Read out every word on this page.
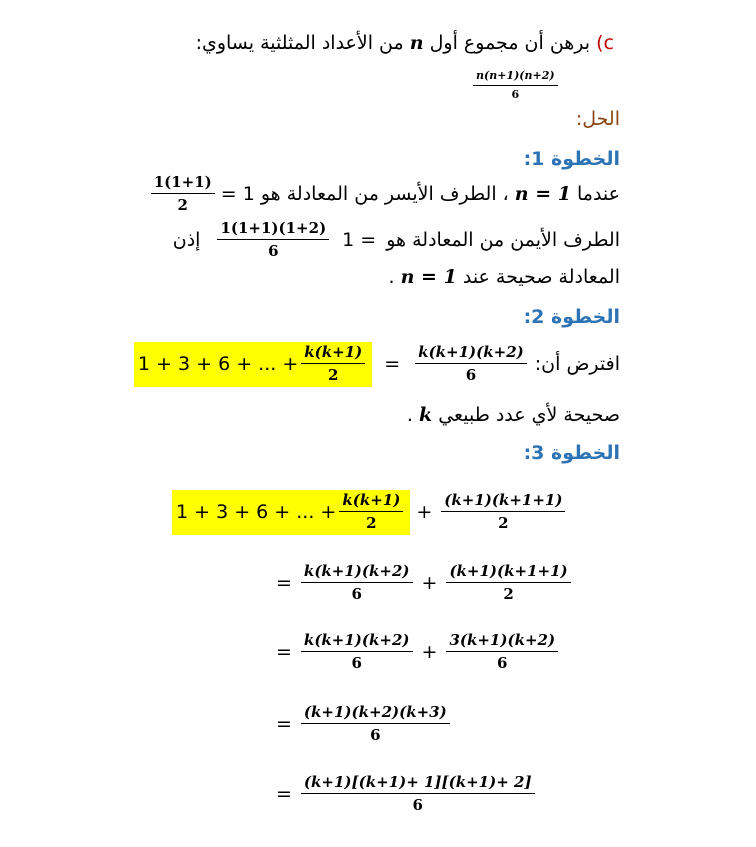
c) برهن أن مجموع أول n من الأعداد المثلثية يساوي:
$\frac{n(n+1)(n+2)}{6}$
الحل:
الخطوة 1:
عندما
n = 1
، الطرف الأيسر من المعادلة هو 1 =
$\frac{1(1+1)}{2}$
الطرف الأيمن من المعادلة هو
1 =
$\frac{1(1+1)(1+2)}{6}$
إذن
المعادلة صحيحة عند n = 1 .
الخطوة 2:
افترض أن:
$\frac{k(k+1)(k+2)}{6}$
=
1 + 3 + 6 + ... + $\frac{k(k+1)}{2}$
صحيحة لأي عدد طبيعي k .
الخطوة 3:
1 + 3 + 6 + ... + $\frac{k(k+1)}{2} + \frac{(k+1)(k+1+1)}{2}$
= $\frac{k(k+1)(k+2)}{6} + \frac{(k+1)(k+1+1)}{2}$
= $\frac{k(k+1)(k+2)}{6} + \frac{3(k+1)(k+2)}{6}$
= $\frac{(k+1)(k+2)(k+3)}{6}$
= $\frac{(k+1)[(k+1)+ 1][(k+1)+ 2]}{6}$
